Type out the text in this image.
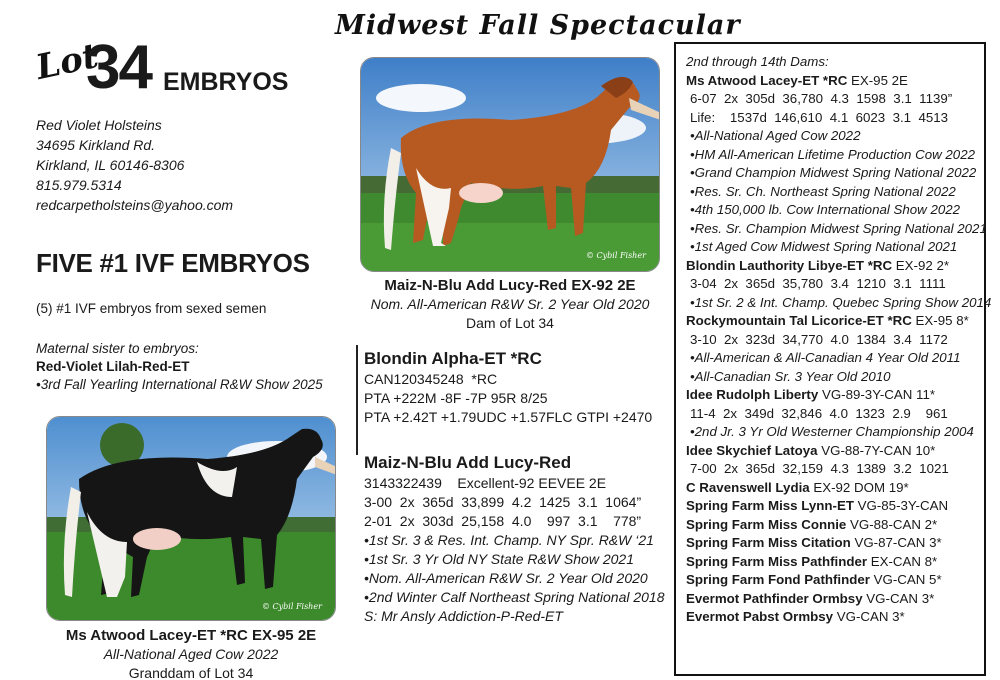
Midwest Fall Spectacular
Lot
34 EMBRYOS
Red Violet Holsteins
34695 Kirkland Rd.
Kirkland, IL 60146-8306
815.979.5314
redcarpetholsteins@yahoo.com
FIVE #1 IVF EMBRYOS
(5) #1 IVF embryos from sexed semen
Maternal sister to embryos:
Red-Violet Lilah-Red-ET
•3rd Fall Yearling International R&W Show 2025
© Cybil Fisher
Maiz-N-Blu Add Lucy-Red EX-92 2E
Nom. All-American R&W Sr. 2 Year Old 2020
Dam of Lot 34
© Cybil Fisher
Ms Atwood Lacey-ET *RC EX-95 2E
All-National Aged Cow 2022
Granddam of Lot 34
Blondin Alpha-ET *RC
CAN120345248  *RC
PTA +222M -8F -7P 95R 8/25
PTA +2.42T +1.79UDC +1.57FLC GTPI +2470
Maiz-N-Blu Add Lucy-Red
3143322439    Excellent-92 EEVEE 2E
3-00  2x  365d  33,899  4.2  1425  3.1  1064”
2-01  2x  303d  25,158  4.0    997  3.1    778”
•1st Sr. 3 & Res. Int. Champ. NY Spr. R&W ‘21
•1st Sr. 3 Yr Old NY State R&W Show 2021
•Nom. All-American R&W Sr. 2 Year Old 2020
•2nd Winter Calf Northeast Spring National 2018
S: Mr Ansly Addiction-P-Red-ET
2nd through 14th Dams:
Ms Atwood Lacey-ET *RC EX-95 2E
6-07  2x  305d  36,780  4.3  1598  3.1  1139”
Life:    1537d  146,610  4.1  6023  3.1  4513
•All-National Aged Cow 2022
•HM All-American Lifetime Production Cow 2022
•Grand Champion Midwest Spring National 2022
•Res. Sr. Ch. Northeast Spring National 2022
•4th 150,000 lb. Cow International Show 2022
•Res. Sr. Champion Midwest Spring National 2021
•1st Aged Cow Midwest Spring National 2021
Blondin Lauthority Libye-ET *RC EX-92 2*
3-04  2x  365d  35,780  3.4  1210  3.1  1111
•1st Sr. 2 & Int. Champ. Quebec Spring Show 2014
Rockymountain Tal Licorice-ET *RC EX-95 8*
3-10  2x  323d  34,770  4.0  1384  3.4  1172
•All-American & All-Canadian 4 Year Old 2011
•All-Canadian Sr. 3 Year Old 2010
Idee Rudolph Liberty VG-89-3Y-CAN 11*
11-4  2x  349d  32,846  4.0  1323  2.9    961
•2nd Jr. 3 Yr Old Westerner Championship 2004
Idee Skychief Latoya VG-88-7Y-CAN 10*
7-00  2x  365d  32,159  4.3  1389  3.2  1021
C Ravenswell Lydia EX-92 DOM 19*
Spring Farm Miss Lynn-ET VG-85-3Y-CAN
Spring Farm Miss Connie VG-88-CAN 2*
Spring Farm Miss Citation VG-87-CAN 3*
Spring Farm Miss Pathfinder EX-CAN 8*
Spring Farm Fond Pathfinder VG-CAN 5*
Evermot Pathfinder Ormbsy VG-CAN 3*
Evermot Pabst Ormbsy VG-CAN 3*
